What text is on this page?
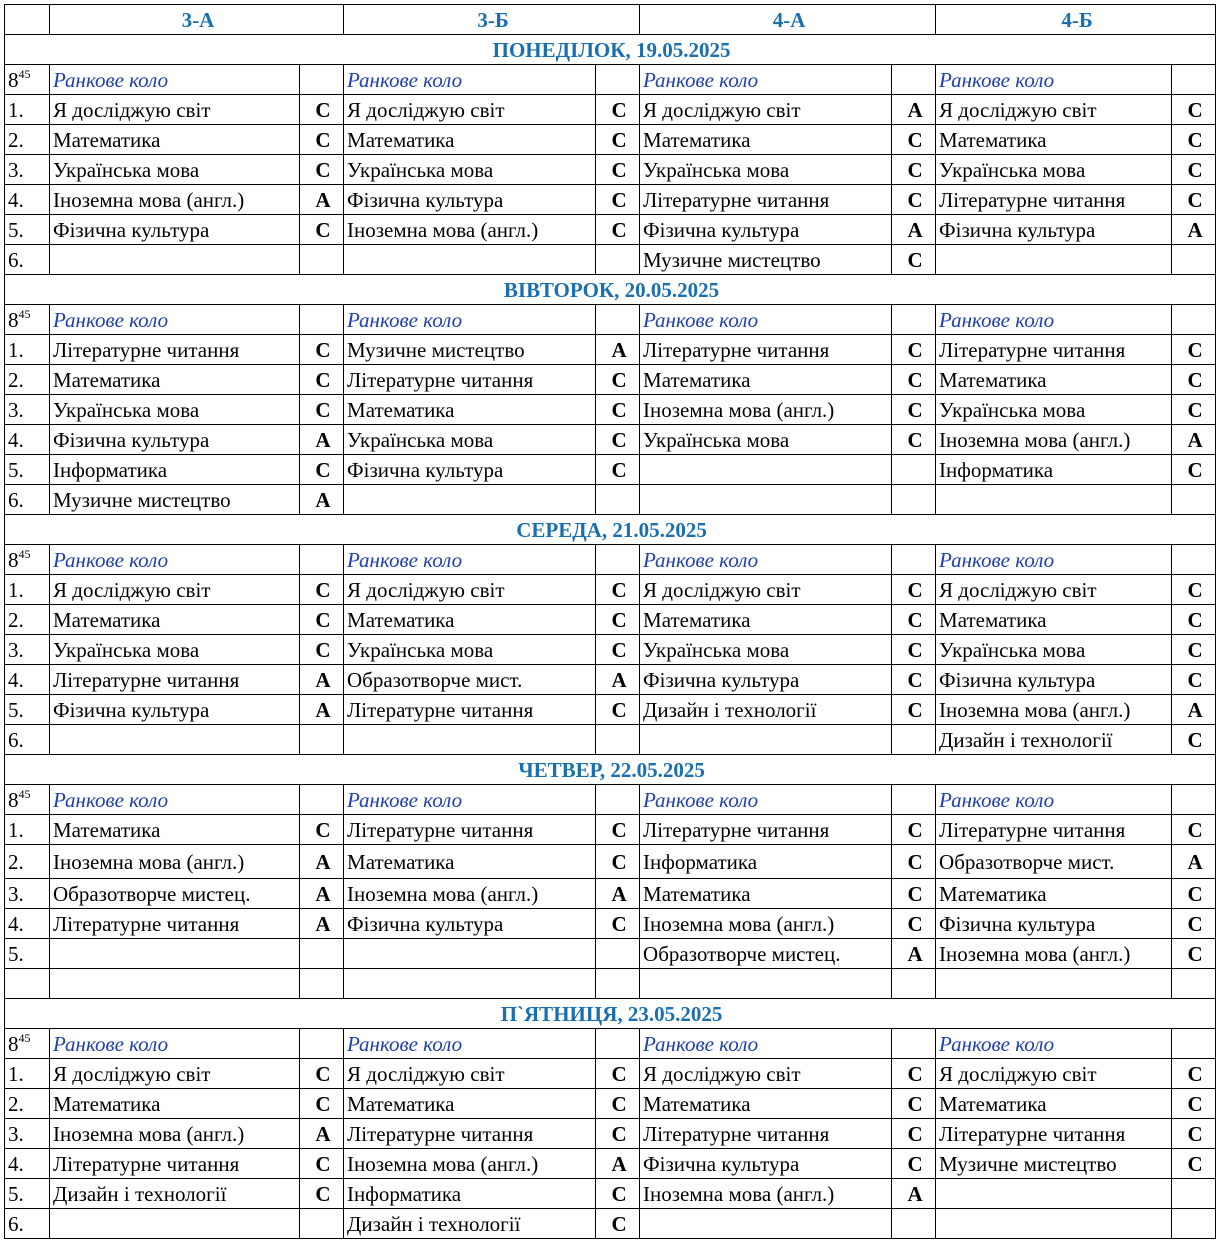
	3-А		3-Б		4-А		4-Б	
ПОНЕДІЛОК, 19.05.2025								
$8^{45}$	Ранкове коло		Ранкове коло		Ранкове коло		Ранкове коло	
1.	Я досліджую світ	С	Я досліджую світ	С	Я досліджую світ	А	Я досліджую світ	С
2.	Математика	С	Математика	С	Математика	С	Математика	С
3.	Українська мова	С	Українська мова	С	Українська мова	С	Українська мова	С
4.	Іноземна мова (англ.)	А	Фізична культура	С	Літературне читання	С	Літературне читання	С
5.	Фізична культура	С	Іноземна мова (англ.)	С	Фізична культура	А	Фізична культура	А
6.					Музичне мистецтво	С		
ВІВТОРОК, 20.05.2025								
$8^{45}$	Ранкове коло		Ранкове коло		Ранкове коло		Ранкове коло	
1.	Літературне читання	С	Музичне мистецтво	А	Літературне читання	С	Літературне читання	С
2.	Математика	С	Літературне читання	С	Математика	С	Математика	С
3.	Українська мова	С	Математика	С	Іноземна мова (англ.)	С	Українська мова	С
4.	Фізична культура	А	Українська мова	С	Українська мова	С	Іноземна мова (англ.)	А
5.	Інформатика	С	Фізична культура	С			Інформатика	С
6.	Музичне мистецтво	А						
СЕРЕДА, 21.05.2025								
$8^{45}$	Ранкове коло		Ранкове коло		Ранкове коло		Ранкове коло	
1.	Я досліджую світ	С	Я досліджую світ	С	Я досліджую світ	С	Я досліджую світ	С
2.	Математика	С	Математика	С	Математика	С	Математика	С
3.	Українська мова	С	Українська мова	С	Українська мова	С	Українська мова	С
4.	Літературне читання	А	Образотворче мист.	А	Фізична культура	С	Фізична культура	С
5.	Фізична культура	А	Літературне читання	С	Дизайн і технології	С	Іноземна мова (англ.)	А
6.							Дизайн і технології	С
ЧЕТВЕР, 22.05.2025								
$8^{45}$	Ранкове коло		Ранкове коло		Ранкове коло		Ранкове коло	
1.	Математика	С	Літературне читання	С	Літературне читання	С	Літературне читання	С
2.	Іноземна мова (англ.)	А	Математика	С	Інформатика	С	Образотворче мист.	А
3.	Образотворче мистец.	А	Іноземна мова (англ.)	А	Математика	С	Математика	С
4.	Літературне читання	А	Фізична культура	С	Іноземна мова (англ.)	С	Фізична культура	С
5.					Образотворче мистец.	А	Іноземна мова (англ.)	С

П`ЯТНИЦЯ, 23.05.2025								
$8^{45}$	Ранкове коло		Ранкове коло		Ранкове коло		Ранкове коло	
1.	Я досліджую світ	С	Я досліджую світ	С	Я досліджую світ	С	Я досліджую світ	С
2.	Математика	С	Математика	С	Математика	С	Математика	С
3.	Іноземна мова (англ.)	А	Літературне читання	С	Літературне читання	С	Літературне читання	С
4.	Літературне читання	С	Іноземна мова (англ.)	А	Фізична культура	С	Музичне мистецтво	С
5.	Дизайн і технології	С	Інформатика	С	Іноземна мова (англ.)	А		
6.			Дизайн і технології	С				
